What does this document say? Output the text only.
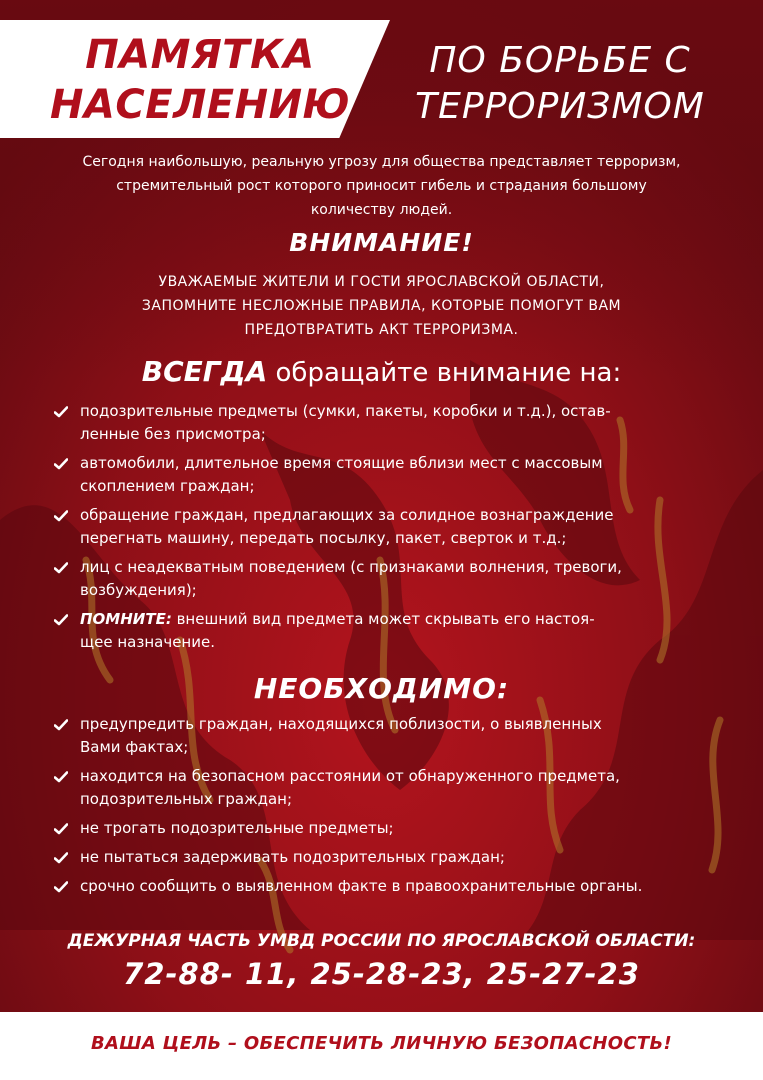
ПАМЯТКА
НАСЕЛЕНИЮ
ПО БОРЬБЕ С
ТЕРРОРИЗМОМ
Сегодня наибольшую, реальную угрозу для общества представляет терроризм,
стремительный рост которого приносит гибель и страдания большому
количеству людей.
ВНИМАНИЕ!
УВАЖАЕМЫЕ ЖИТЕЛИ И ГОСТИ ЯРОСЛАВСКОЙ ОБЛАСТИ,
ЗАПОМНИТЕ НЕСЛОЖНЫЕ ПРАВИЛА, КОТОРЫЕ ПОМОГУТ ВАМ
ПРЕДОТВРАТИТЬ АКТ ТЕРРОРИЗМА.
ВСЕГДА обращайте внимание на:
подозрительные предметы (сумки, пакеты, коробки и т.д.), остав-
ленные без присмотра;
автомобили, длительное время стоящие вблизи мест с массовым
скоплением граждан;
обращение граждан, предлагающих за солидное вознаграждение
перегнать машину, передать посылку, пакет, сверток и т.д.;
лиц с неадекватным поведением (с признаками волнения, тревоги,
возбуждения);
ПОМНИТЕ: внешний вид предмета может скрывать его настоя-
щее назначение.
НЕОБХОДИМО:
предупредить граждан, находящихся поблизости, о выявленных
Вами фактах;
находится на безопасном расстоянии от обнаруженного предмета,
подозрительных граждан;
не трогать подозрительные предметы;
не пытаться задерживать подозрительных граждан;
срочно сообщить о выявленном факте в правоохранительные органы.
ДЕЖУРНАЯ ЧАСТЬ УМВД РОССИИ ПО ЯРОСЛАВСКОЙ ОБЛАСТИ:
72-88- 11, 25-28-23, 25-27-23
ВАША ЦЕЛЬ – ОБЕСПЕЧИТЬ ЛИЧНУЮ БЕЗОПАСНОСТЬ!
